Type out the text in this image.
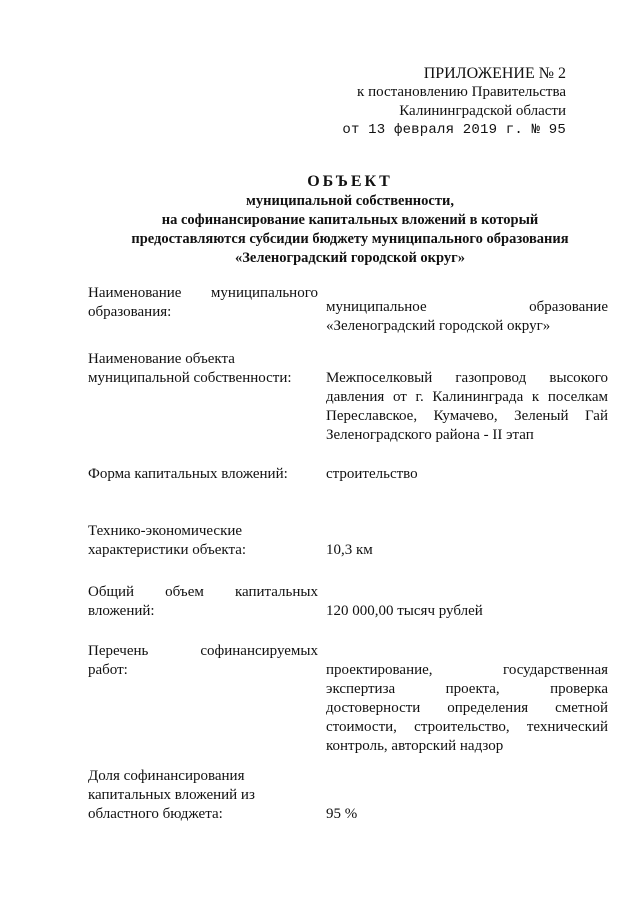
ПРИЛОЖЕНИЕ № 2
к постановлению Правительства
Калининградской области
от 13 февраля 2019 г. № 95
ОБЪЕКТ
муниципальной собственности,
на софинансирование капитальных вложений в который
предоставляются субсидии бюджету муниципального образования
«Зеленоградский городской округ»
Наименование муниципального
образования:	муниципальное образование
«Зеленоградский городской округ»
Наименование объекта
муниципальной собственности:	Межпоселковый газопровод высокого
давления от г. Калининграда к поселкам
Переславское, Кумачево, Зеленый Гай
Зеленоградского района - II этап
Форма капитальных вложений:	строительство
Технико-экономические
характеристики объекта:	10,3 км
Общий объем капитальных
вложений:	120 000,00 тысяч рублей
Перечень софинансируемых
работ:	проектирование, государственная
экспертиза проекта, проверка
достоверности определения сметной
стоимости, строительство, технический
контроль, авторский надзор
Доля софинансирования
капитальных вложений из
областного бюджета:	95 %
